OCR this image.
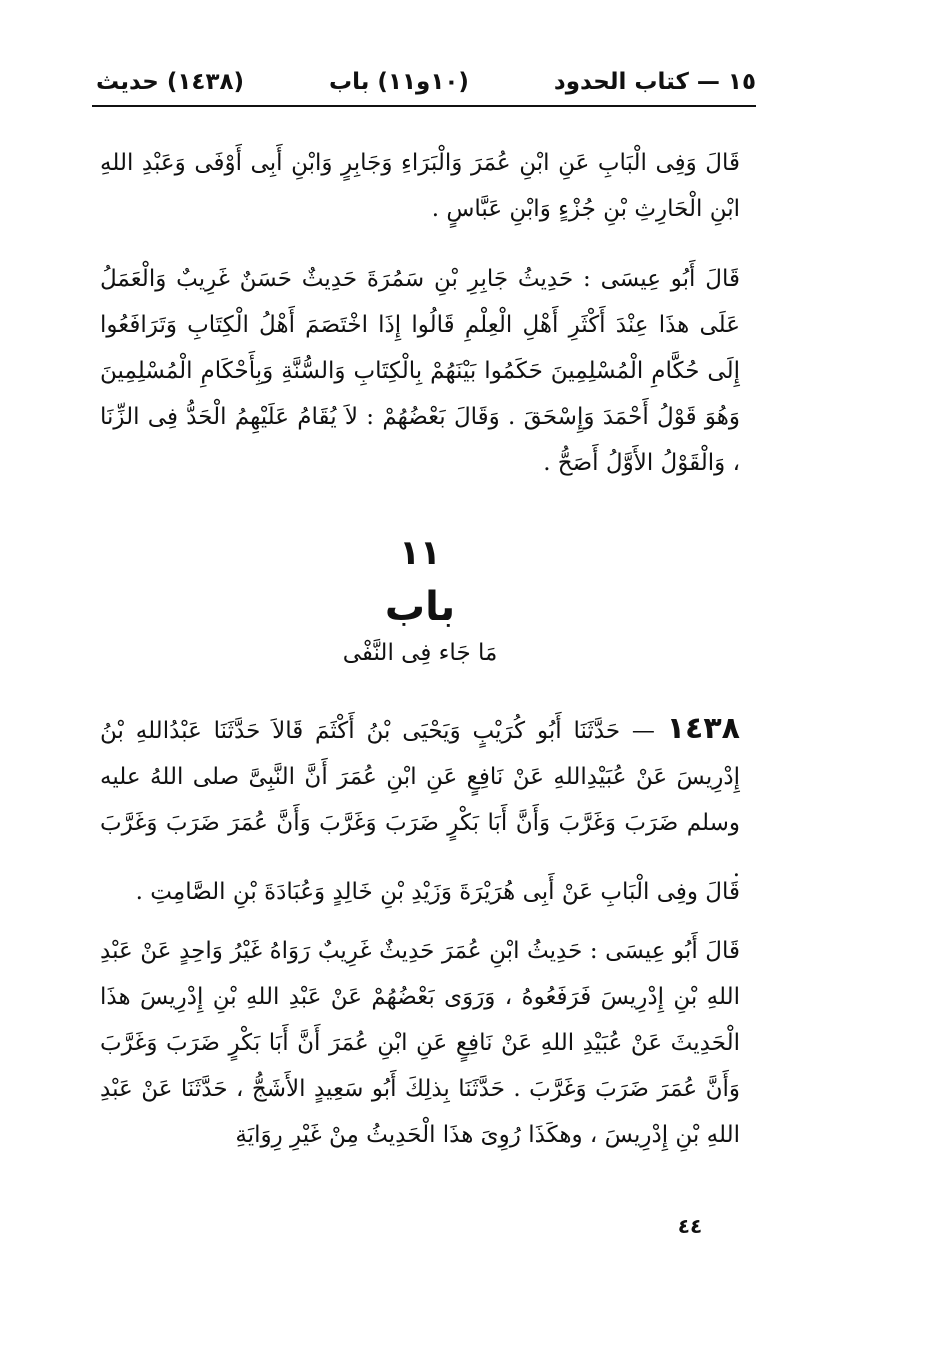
١٥ — كتاب الحدود
(١٠و١١) باب
(١٤٣٨) حديث

قَالَ وَفِى الْبَابِ عَنِ ابْنِ عُمَرَ وَالْبَرَاءِ وَجَابِرٍ وَابْنِ أَبِى أَوْفَى وَعَبْدِ اللهِ ابْنِ الْحَارِثِ بْنِ جُزْءٍ وَابْنِ عَبَّاسٍ .

قَالَ أَبُو عِيسَى : حَدِيثُ جَابِرِ بْنِ سَمُرَةَ حَدِيثٌ حَسَنٌ غَرِيبٌ وَالْعَمَلُ عَلَى هذَا عِنْدَ أَكْثَرِ أَهْلِ الْعِلْمِ قَالُوا إِذَا اخْتَصَمَ أَهْلُ الْكِتَابِ وَتَرَافَعُوا إِلَى حُكَّامِ الْمُسْلِمِينَ حَكَمُوا بَيْنَهُمْ بِالْكِتَابِ وَالسُّنَّةِ وَبِأَحْكَامِ الْمُسْلِمِينَ وَهُوَ قَوْلُ أَحْمَدَ وَإِسْحَقَ . وَقَالَ بَعْضُهُمْ : لاَ يُقَامُ عَلَيْهِمُ الْحَدُّ فِى الزِّنَا ، وَالْقَوْلُ الأَوَّلُ أَصَحُّ .

١١
باب
مَا جَاء فِى النَّفْى

١٤٣٨ — حَدَّثَنَا أَبُو كُرَيْبٍ وَيَحْيَى بْنُ أَكْثَمَ قَالاَ حَدَّثَنَا عَبْدُاللهِ بْنُ إِدْرِيسَ عَنْ عُبَيْدِاللهِ عَنْ نَافِعٍ عَنِ ابْنِ عُمَرَ أَنَّ النَّبِىَّ صلى اللهُ عليه وسلم ضَرَبَ وَغَرَّبَ وَأَنَّ أَبَا بَكْرٍ ضَرَبَ وَغَرَّبَ وَأَنَّ عُمَرَ ضَرَبَ وَغَرَّبَ .

قَالَ وفِى الْبَابِ عَنْ أَبِى هُرَيْرَةَ وَزَيْدِ بْنِ خَالِدٍ وَعُبَادَةَ بْنِ الصَّامِتِ .

قَالَ أَبُو عِيسَى : حَدِيثُ ابْنِ عُمَرَ حَدِيثٌ غَرِيبٌ رَوَاهُ غَيْرُ وَاحِدٍ عَنْ عَبْدِ اللهِ بْنِ إِدْرِيسَ فَرَفَعُوهُ ، وَرَوَى بَعْضُهُمْ عَنْ عَبْدِ اللهِ بْنِ إِدْرِيسَ هذَا الْحَدِيثَ عَنْ عُبَيْدِ اللهِ عَنْ نَافِعٍ عَنِ ابْنِ عُمَرَ أَنَّ أَبَا بَكْرٍ ضَرَبَ وَغَرَّبَ وَأَنَّ عُمَرَ ضَرَبَ وَغَرَّبَ . حَدَّثَنَا بِذلِكَ أَبُو سَعِيدٍ الأَشَجُّ ، حَدَّثَنَا عَنْ عَبْدِ اللهِ بْنِ إِدْرِيسَ ، وهكَذَا رُوِىَ هذَا الْحَدِيثُ مِنْ غَيْرِ رِوَايَةِ

٤٤
